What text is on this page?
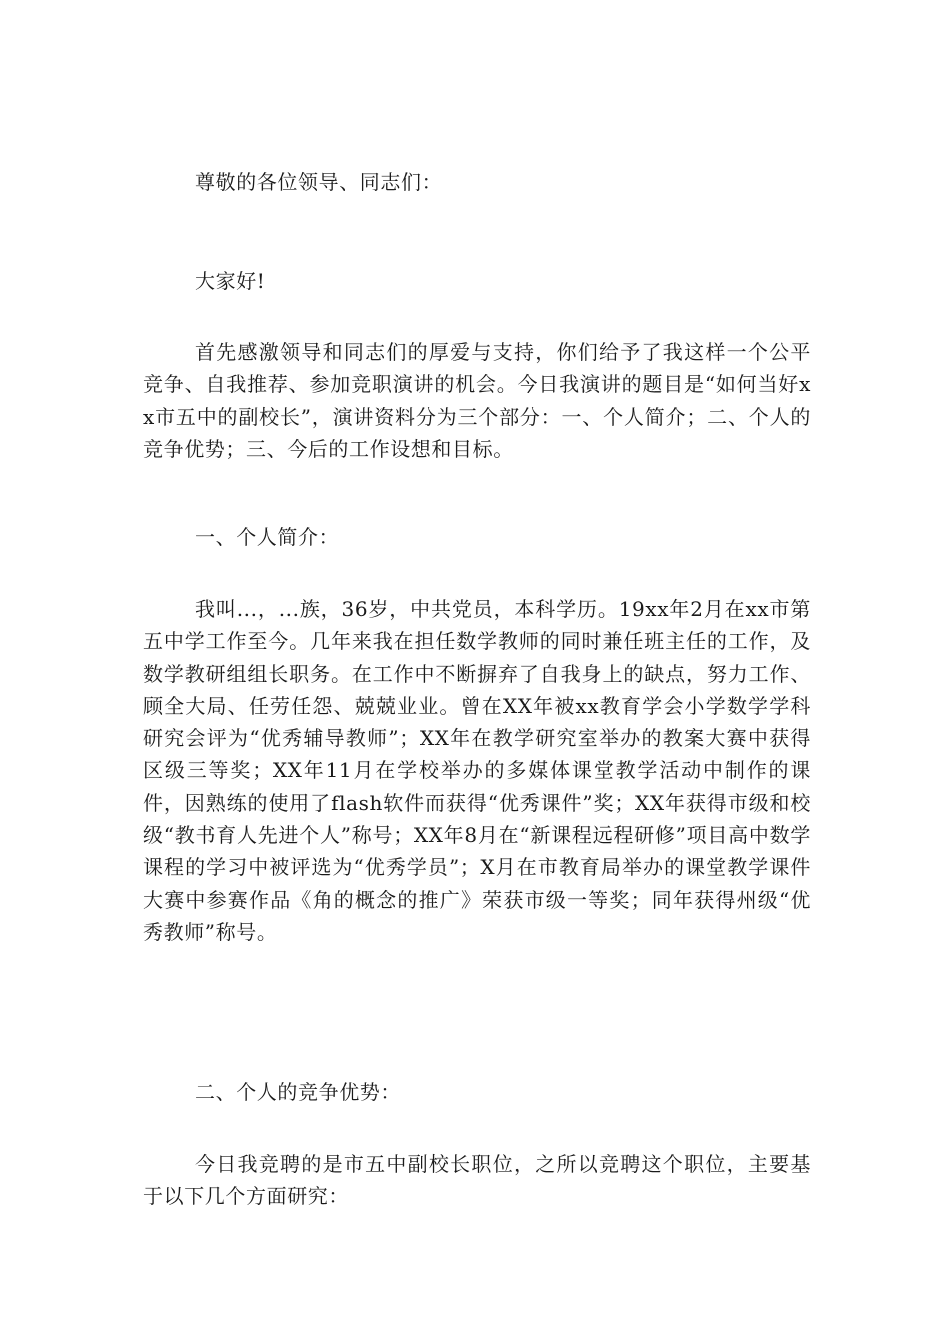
尊敬的各位领导、同志们：

大家好!

首先感激领导和同志们的厚爱与支持，你们给予了我这样一个公平竞争、自我推荐、参加竞职演讲的机会。今日我演讲的题目是“如何当好xx市五中的副校长”，演讲资料分为三个部分：一、个人简介；二、个人的竞争优势；三、今后的工作设想和目标。

一、个人简介：

我叫...，...族，36岁，中共党员，本科学历。19xx年2月在xx市第五中学工作至今。几年来我在担任数学教师的同时兼任班主任的工作，及数学教研组组长职务。在工作中不断摒弃了自我身上的缺点，努力工作、顾全大局、任劳任怨、兢兢业业。曾在XX年被xx教育学会小学数学学科研究会评为“优秀辅导教师”；XX年在教学研究室举办的教案大赛中获得区级三等奖；XX年11月在学校举办的多媒体课堂教学活动中制作的课件，因熟练的使用了flash软件而获得“优秀课件”奖；XX年获得市级和校级“教书育人先进个人”称号；XX年8月在“新课程远程研修”项目高中数学课程的学习中被评选为“优秀学员”；X月在市教育局举办的课堂教学课件大赛中参赛作品《角的概念的推广》荣获市级一等奖；同年获得州级“优秀教师”称号。

二、个人的竞争优势：

今日我竞聘的是市五中副校长职位，之所以竞聘这个职位，主要基于以下几个方面研究：
